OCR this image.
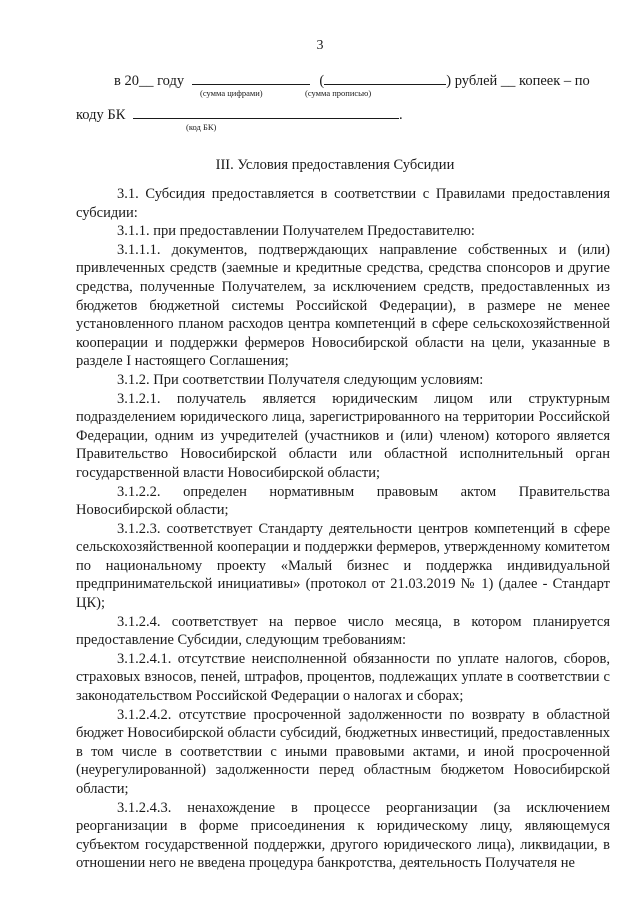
3
в 20__ году	(	) рублей __ копеек – по
(сумма цифрами)	(сумма прописью)
коду БК	.
(код БК)
III. Условия предоставления Субсидии

3.1. Субсидия предоставляется в соответствии с Правилами предоставления субсидии:

3.1.1. при предоставлении Получателем Предоставителю:

3.1.1.1. документов, подтверждающих направление собственных и (или) привлеченных средств (заемные и кредитные средства, средства спонсоров и другие средства, полученные Получателем, за исключением средств, предоставленных из бюджетов бюджетной системы Российской Федерации), в размере не менее установленного планом расходов центра компетенций в сфере сельскохозяйственной кооперации и поддержки фермеров Новосибирской области на цели, указанные в разделе I настоящего Соглашения;

3.1.2. При соответствии Получателя следующим условиям:

3.1.2.1. получатель является юридическим лицом или структурным подразделением юридического лица, зарегистрированного на территории Российской Федерации, одним из учредителей (участников и (или) членом) которого является Правительство Новосибирской области или областной исполнительный орган государственной власти Новосибирской области;

3.1.2.2. определен нормативным правовым актом Правительства Новосибирской области;

3.1.2.3. соответствует Стандарту деятельности центров компетенций в сфере сельскохозяйственной кооперации и поддержки фермеров, утвержденному комитетом по национальному проекту «Малый бизнес и поддержка индивидуальной предпринимательской инициативы» (протокол от 21.03.2019 № 1) (далее - Стандарт ЦК);

3.1.2.4. соответствует на первое число месяца, в котором планируется предоставление Субсидии, следующим требованиям:

3.1.2.4.1. отсутствие неисполненной обязанности по уплате налогов, сборов, страховых взносов, пеней, штрафов, процентов, подлежащих уплате в соответствии с законодательством Российской Федерации о налогах и сборах;

3.1.2.4.2. отсутствие просроченной задолженности по возврату в областной бюджет Новосибирской области субсидий, бюджетных инвестиций, предоставленных в том числе в соответствии с иными правовыми актами, и иной просроченной (неурегулированной) задолженности перед областным бюджетом Новосибирской области;

3.1.2.4.3. ненахождение в процессе реорганизации (за исключением реорганизации в форме присоединения к юридическому лицу, являющемуся субъектом государственной поддержки, другого юридического лица), ликвидации, в отношении него не введена процедура банкротства, деятельность Получателя не
